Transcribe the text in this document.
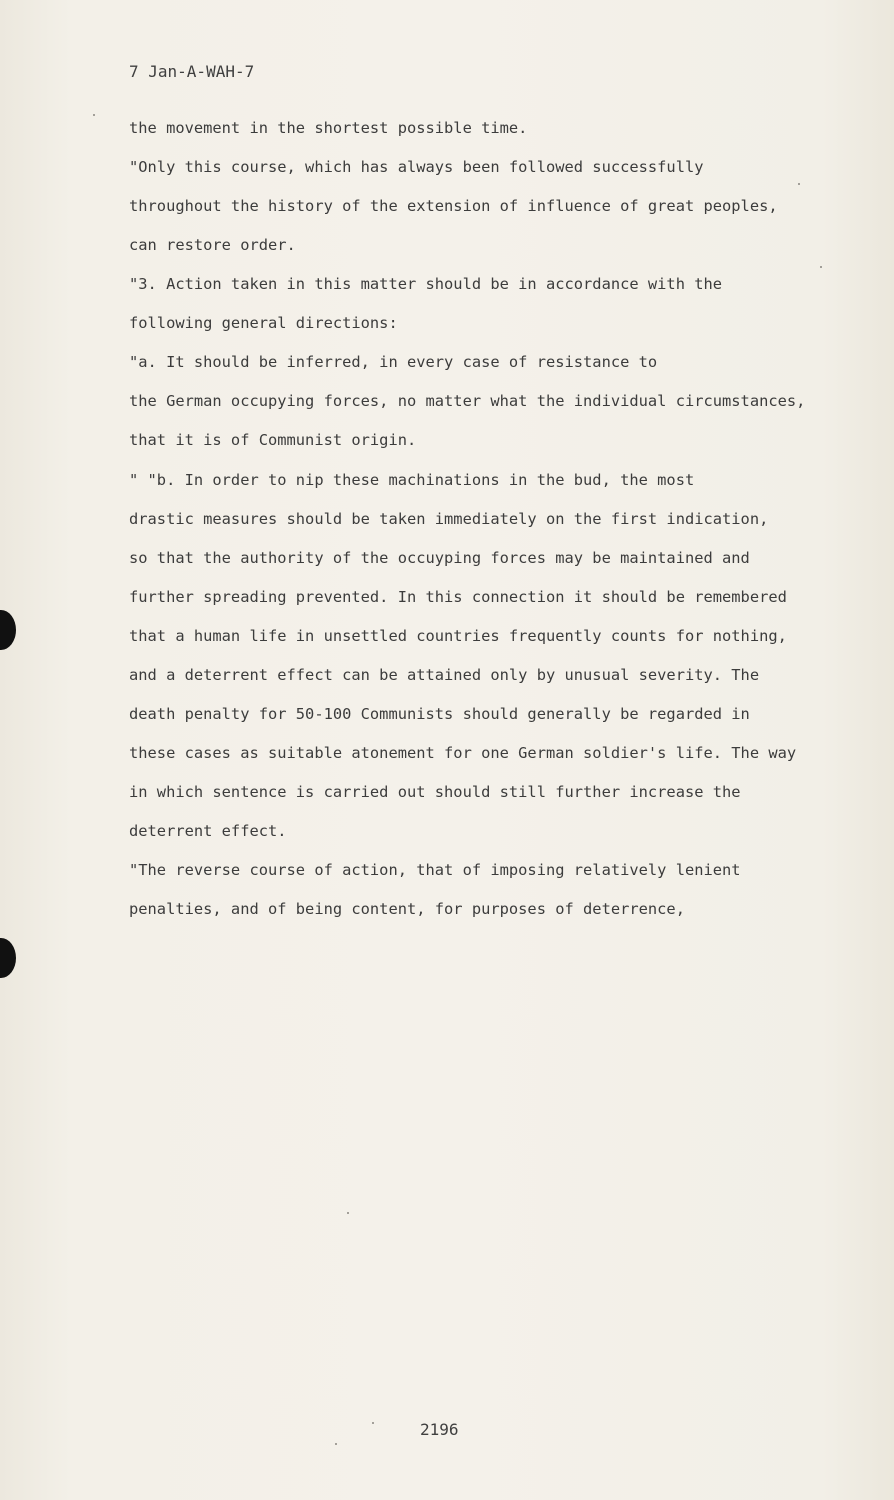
7 Jan-A-WAH-7
the movement in the shortest possible time.
"Only this course, which has always been followed successfully
throughout the history of the extension of influence of great peoples,
can restore order.
"3. Action taken in this matter should be in accordance with the
following general directions:
"a. It should be inferred, in every case of resistance to
the German occupying forces, no matter what the individual circumstances,
that it is of Communist origin.
" "b. In order to nip these machinations in the bud, the most
drastic measures should be taken immediately on the first indication,
so that the authority of the occuyping forces may be maintained and
further spreading prevented. In this connection it should be remembered
that a human life in unsettled countries frequently counts for nothing,
and a deterrent effect can be attained only by unusual severity. The
death penalty for 50-100 Communists should generally be regarded in
these cases as suitable atonement for one German soldier's life. The way
in which sentence is carried out should still further increase the
deterrent effect.
"The reverse course of action, that of imposing relatively lenient
penalties, and of being content, for purposes of deterrence,
2196
